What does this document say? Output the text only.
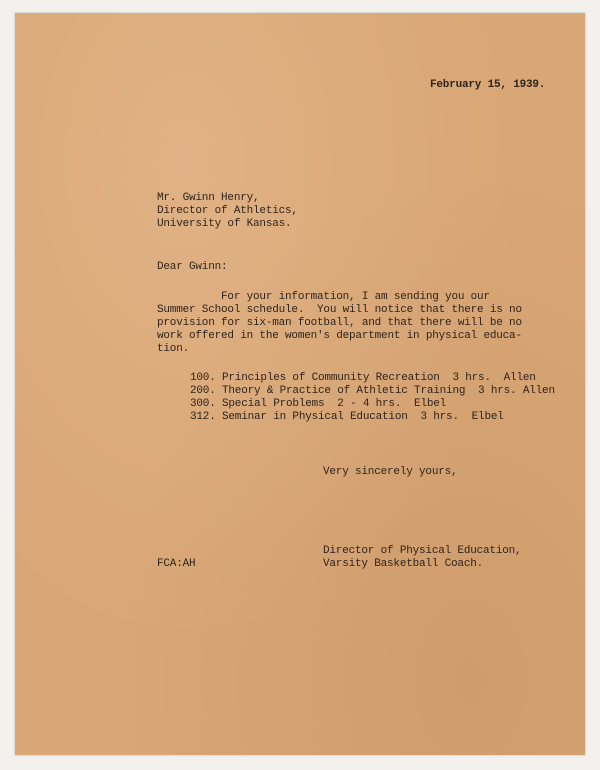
February 15, 1939.
Mr. Gwinn Henry,
Director of Athletics,
University of Kansas.
Dear Gwinn:
For your information, I am sending you our
Summer School schedule.  You will notice that there is no
provision for six-man football, and that there will be no
work offered in the women's department in physical educa-
tion.
100. Principles of Community Recreation  3 hrs.  Allen
200. Theory & Practice of Athletic Training  3 hrs. Allen
300. Special Problems  2 - 4 hrs.  Elbel
312. Seminar in Physical Education  3 hrs.  Elbel
Very sincerely yours,
Director of Physical Education,
Varsity Basketball Coach.
FCA:AH
